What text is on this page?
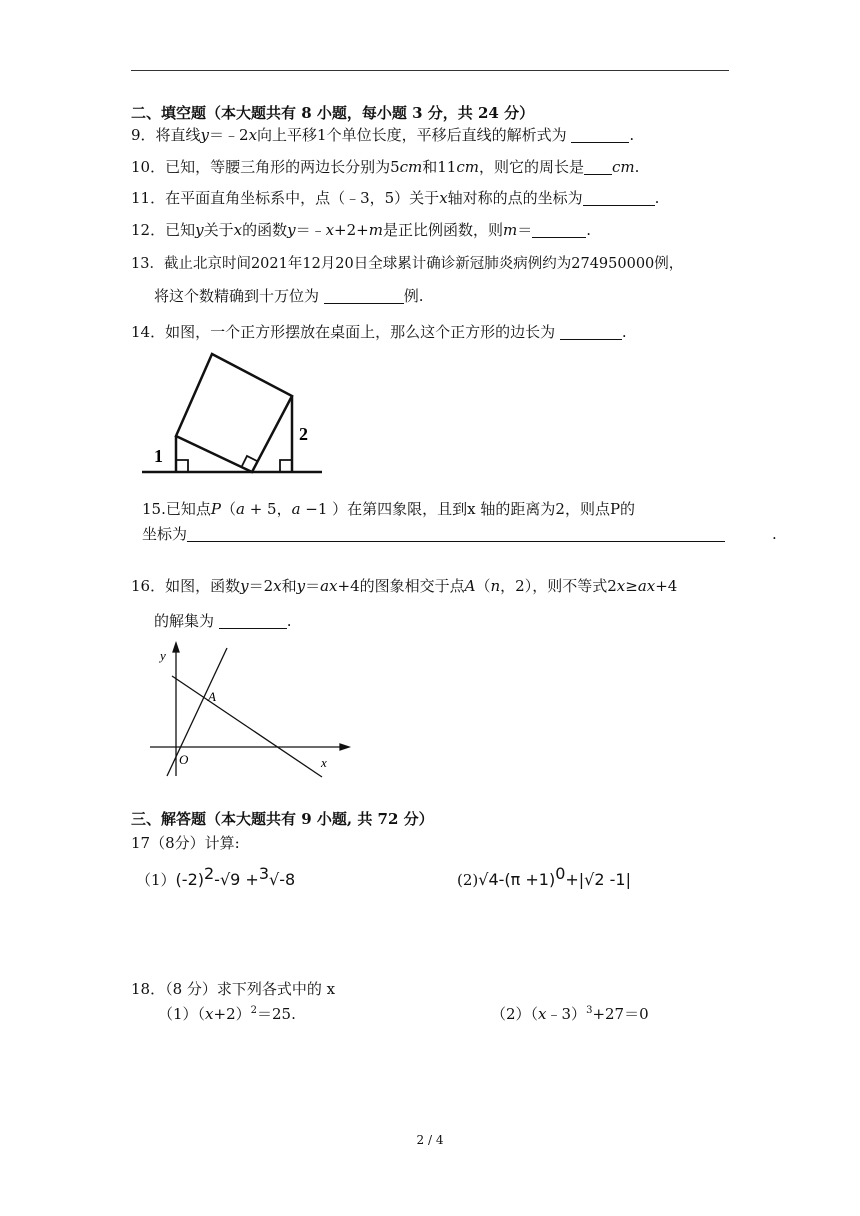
二、填空题（本大题共有 8 小题，每小题 3 分，共 24 分）
9．将直线y＝﹣2x向上平移1个单位长度，平移后直线的解析式为	.
10．已知，等腰三角形的两边长分别为5cm和11cm，则它的周长是 cm.
11．在平面直角坐标系中，点（﹣3，5）关于x轴对称的点的坐标为	.
12．已知y关于x的函数y＝﹣x+2+m是正比例函数，则m＝	.
13．截止北京时间2021年12月20日全球累计确诊新冠肺炎病例约为274950000例，
将这个数精确到十万位为	例.
14．如图，一个正方形摆放在桌面上，那么这个正方形的边长为	.
1
2
15.已知点P（a + 5，a −1 ）在第四象限，且到x 轴的距离为2，则点P的
坐标为	.
16．如图，函数y＝2x和y＝ax+4的图象相交于点A（n，2），则不等式2x≥ax+4
的解集为	.
y
x
A
O
三、解答题（本大题共有 9 小题, 共 72 分）
17（8分）计算:
$(1)(-2)^2-√9 +^3√-8$	$(2)√4-(\pi +1)^0+|√2$ -1|
18．（8 分）求下列各式中的 x
$(1)(x+2)^2=25$.	（2）（x﹣3）$^3$+27＝0
2 / 4
